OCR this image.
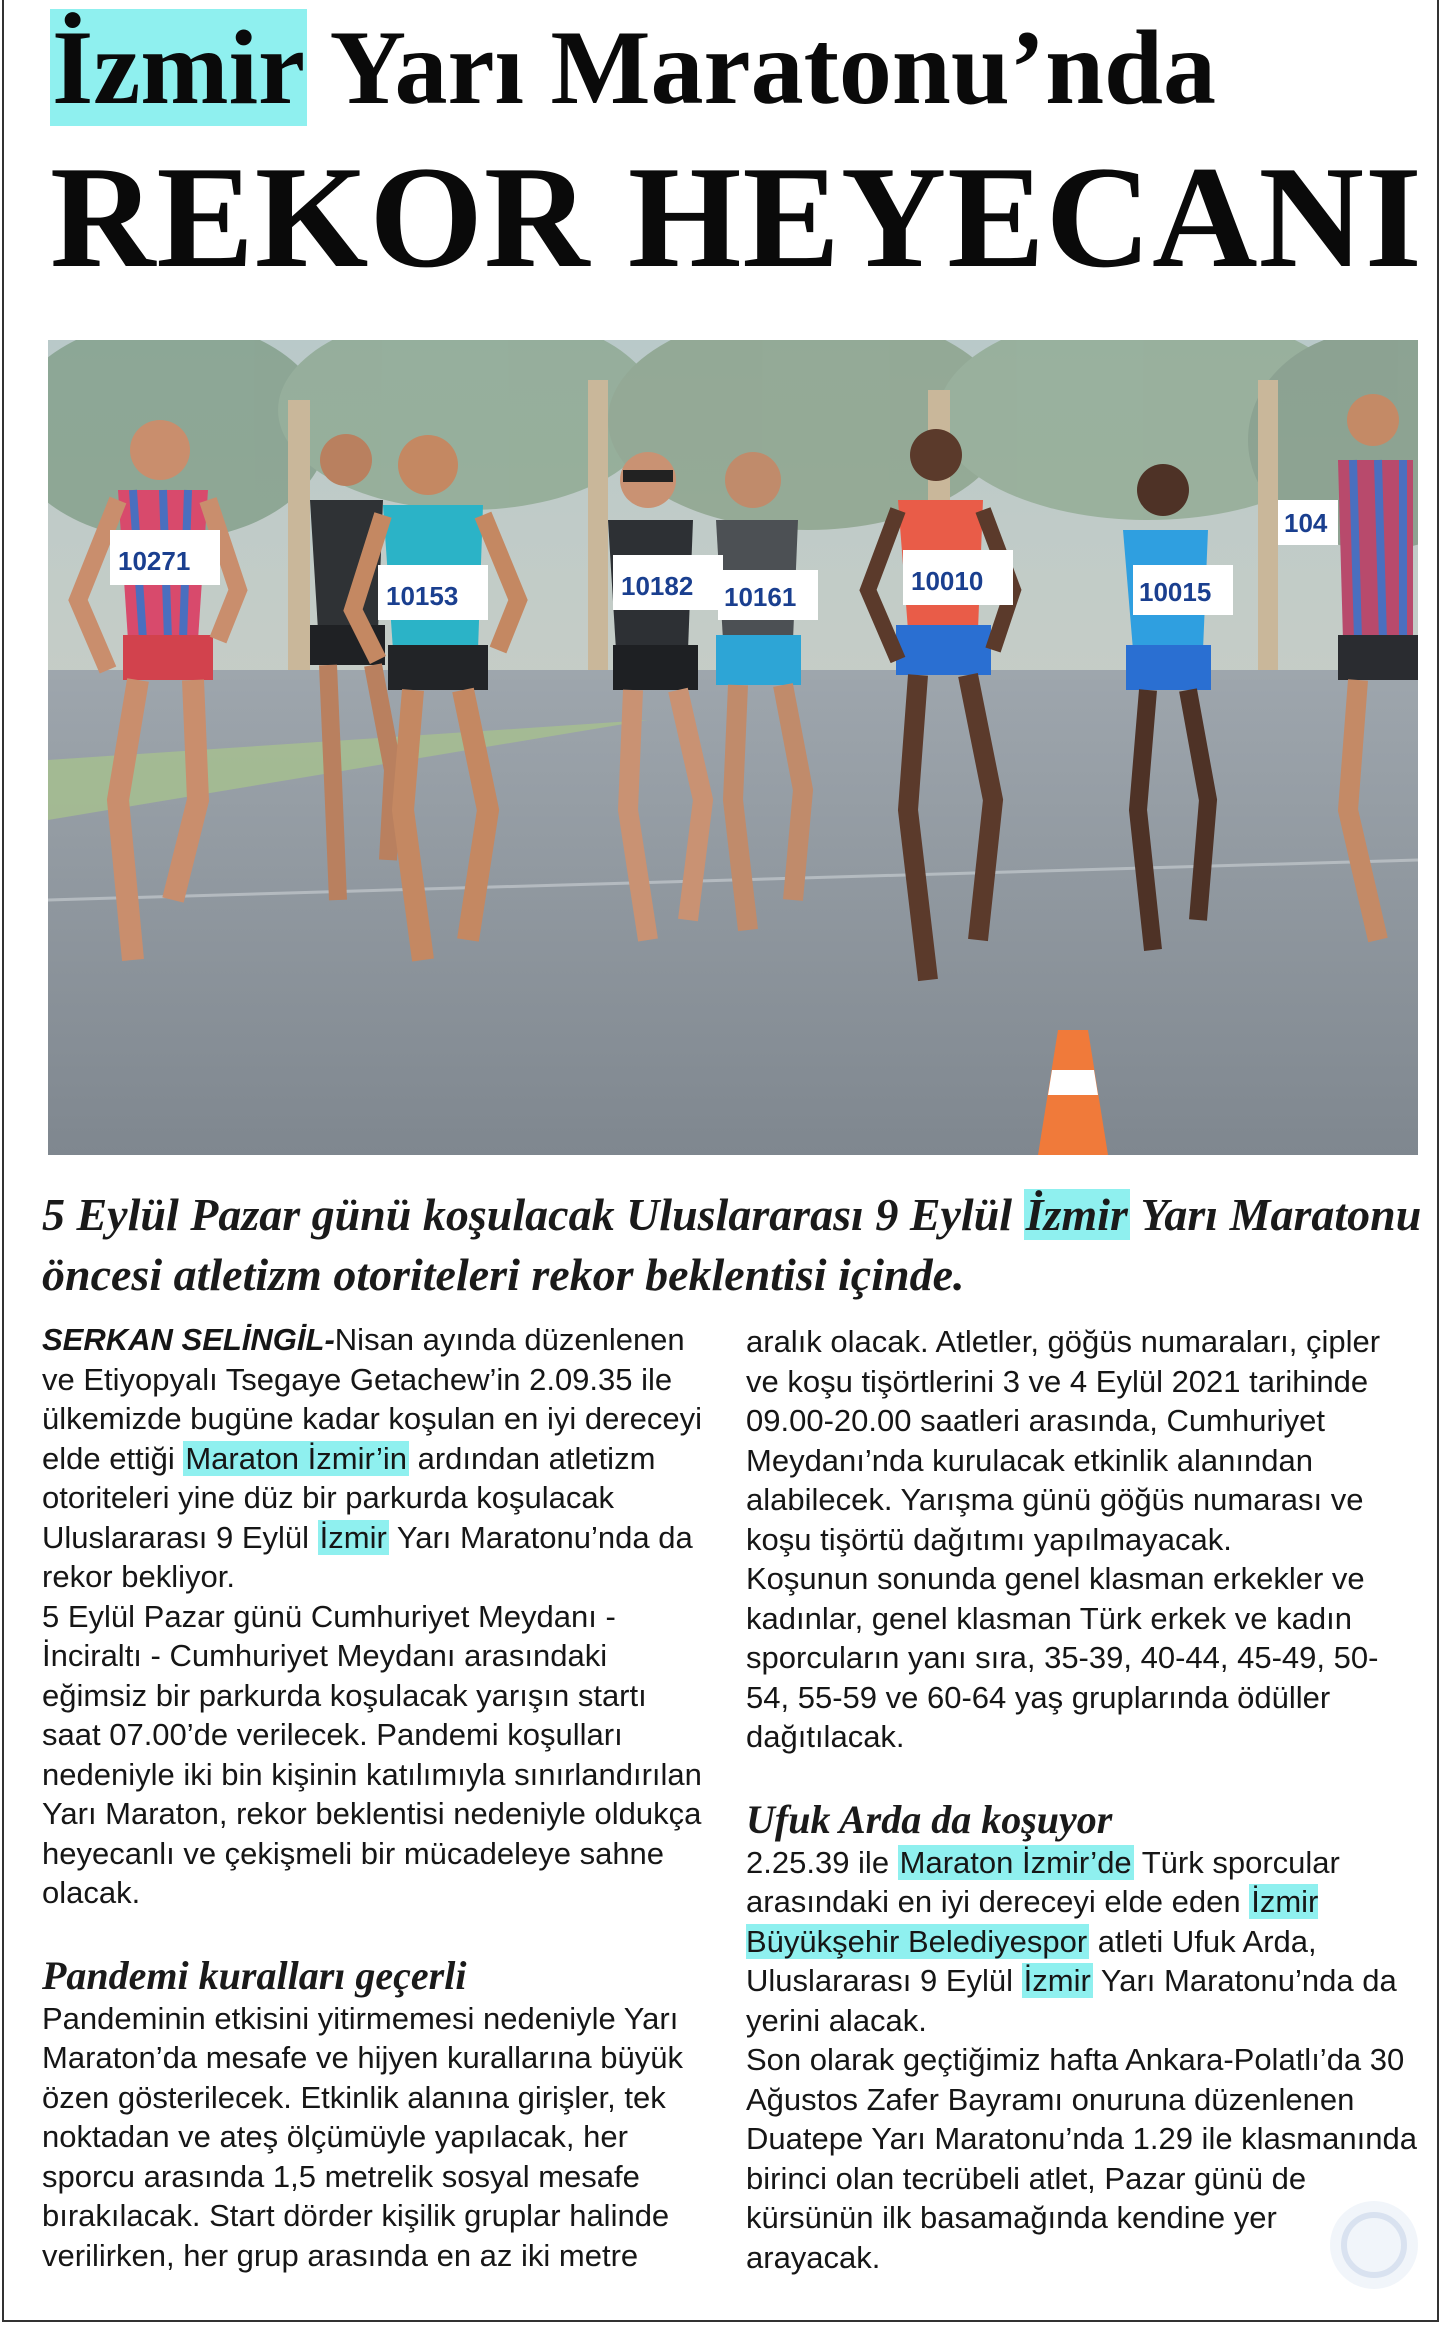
İzmir Yarı Maratonu’nda
REKOR HEYECANI
10271
10153	10182 10161
10010	10015
104
5 Eylül Pazar günü koşulacak Uluslararası 9 Eylül İzmir Yarı Maratonu öncesi atletizm otoriteleri rekor beklentisi içinde.

SERKAN SELİNGİL-Nisan ayında düzenlenen ve Etiyopyalı Tsegaye Getachew’in 2.09.35 ile ülkemizde bugüne kadar koşulan en iyi dereceyi elde ettiği Maraton İzmir’in ardından atletizm otoriteleri yine düz bir parkurda koşulacak Uluslararası 9 Eylül İzmir Yarı Maratonu’nda da rekor bekliyor.

5 Eylül Pazar günü Cumhuriyet Meydanı - İnciraltı - Cumhuriyet Meydanı arasındaki eğimsiz bir parkurda koşulacak yarışın startı saat 07.00’de verilecek. Pandemi koşulları nedeniyle iki bin kişinin katılımıyla sınırlandırılan Yarı Maraton, rekor beklentisi nedeniyle oldukça heyecanlı ve çekişmeli bir mücadeleye sahne olacak.

Pandemi kuralları geçerli

Pandeminin etkisini yitirmemesi nedeniyle Yarı Maraton’da mesafe ve hijyen kurallarına büyük özen gösterilecek. Etkinlik alanına girişler, tek noktadan ve ateş ölçümüyle yapılacak, her sporcu arasında 1,5 metrelik sosyal mesafe bırakılacak. Start dörder kişilik gruplar halinde verilirken, her grup arasında en az iki metre

aralık olacak. Atletler, göğüs numaraları, çipler ve koşu tişörtlerini 3 ve 4 Eylül 2021 tarihinde 09.00-20.00 saatleri arasında, Cumhuriyet Meydanı’nda kurulacak etkinlik alanından alabilecek. Yarışma günü göğüs numarası ve koşu tişörtü dağıtımı yapılmayacak.

Koşunun sonunda genel klasman erkekler ve kadınlar, genel klasman Türk erkek ve kadın sporcuların yanı sıra, 35-39, 40-44, 45-49, 50-54, 55-59 ve 60-64 yaş gruplarında ödüller dağıtılacak.

Ufuk Arda da koşuyor

2.25.39 ile Maraton İzmir’de Türk sporcular arasındaki en iyi dereceyi elde eden İzmir Büyükşehir Belediyespor atleti Ufuk Arda, Uluslararası 9 Eylül İzmir Yarı Maratonu’nda da yerini alacak.

Son olarak geçtiğimiz hafta Ankara-Polatlı’da 30 Ağustos Zafer Bayramı onuruna düzenlenen Duatepe Yarı Maratonu’nda 1.29 ile klasmanında birinci olan tecrübeli atlet, Pazar günü de kürsünün ilk basamağında kendine yer arayacak.
